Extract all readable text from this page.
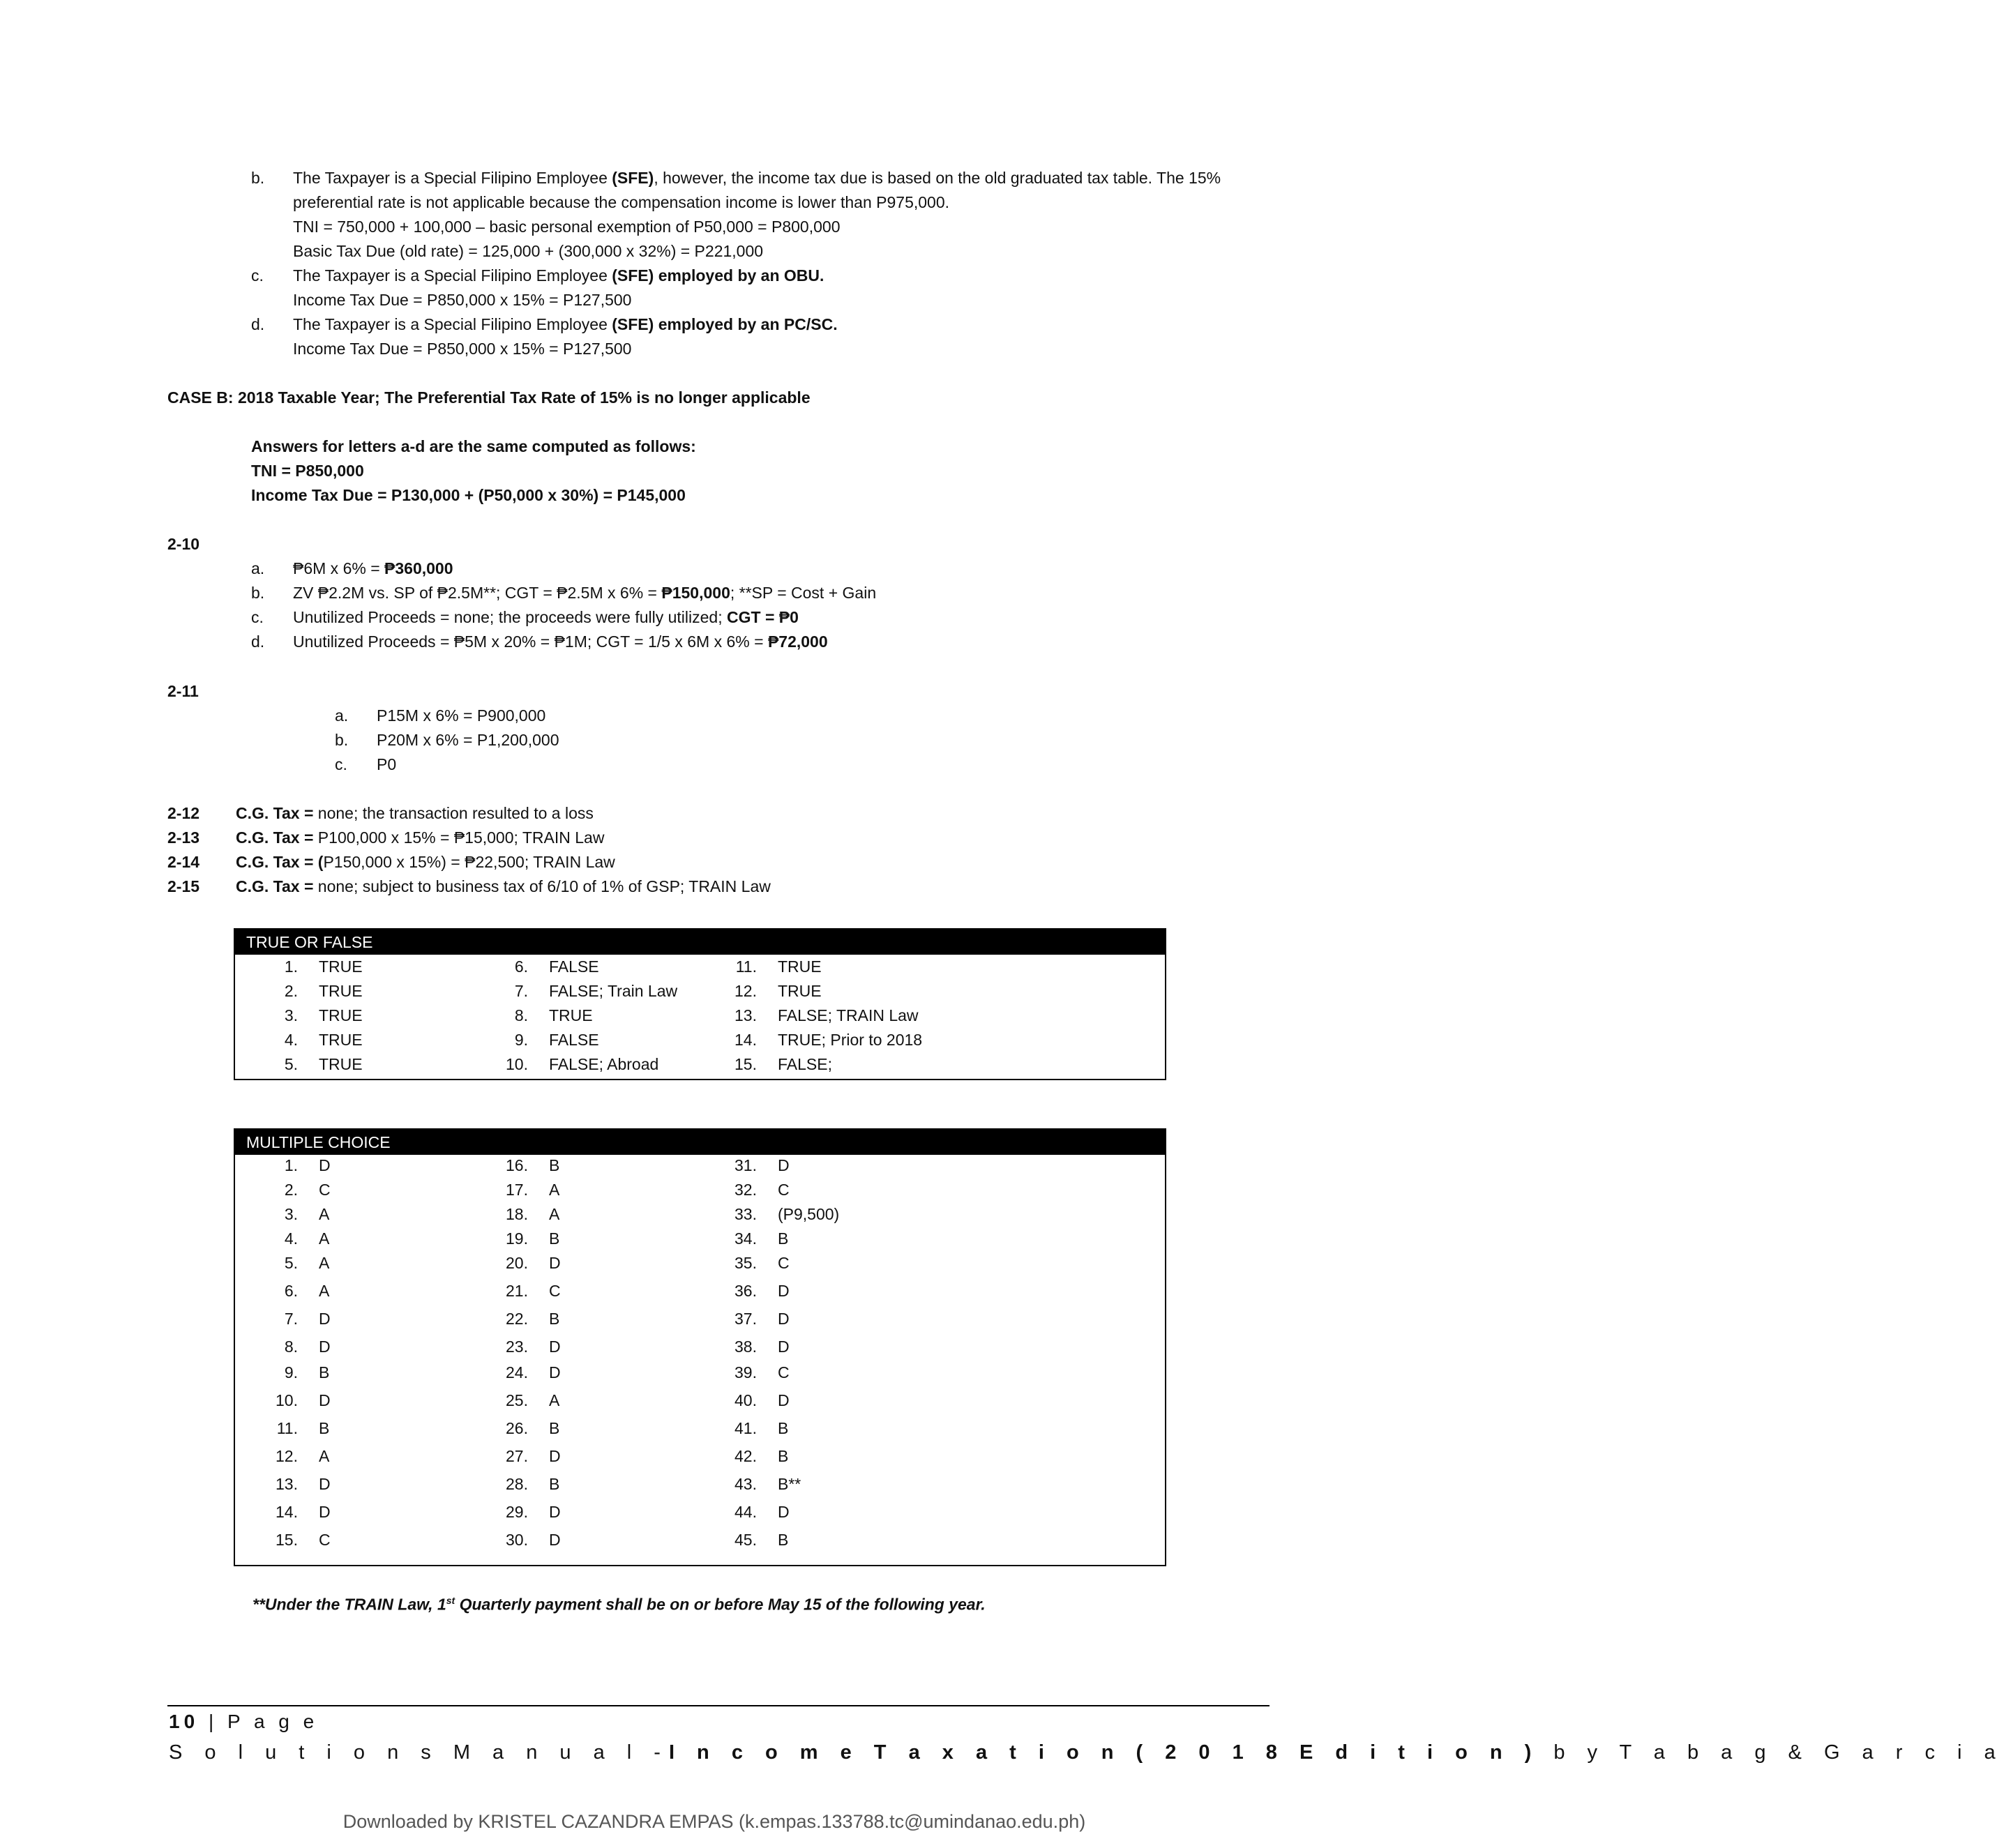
b. The Taxpayer is a Special Filipino Employee (SFE), however, the income tax due is based on the old graduated tax table. The 15%
preferential rate is not applicable because the compensation income is lower than P975,000.
TNI = 750,000 + 100,000 – basic personal exemption of P50,000 = P800,000
Basic Tax Due (old rate) = 125,000 + (300,000 x 32%) = P221,000
c. The Taxpayer is a Special Filipino Employee (SFE) employed by an OBU.
Income Tax Due = P850,000 x 15% = P127,500
d. The Taxpayer is a Special Filipino Employee (SFE) employed by an PC/SC.
Income Tax Due = P850,000 x 15% = P127,500
CASE B: 2018 Taxable Year; The Preferential Tax Rate of 15% is no longer applicable
Answers for letters a-d are the same computed as follows:
TNI = P850,000
Income Tax Due = P130,000 + (P50,000 x 30%) = P145,000
2-10
a. ₱6M x 6% = ₱360,000
b. ZV ₱2.2M vs. SP of ₱2.5M**; CGT = ₱2.5M x 6% = ₱150,000; **SP = Cost + Gain
c. Unutilized Proceeds = none; the proceeds were fully utilized; CGT = ₱0
d. Unutilized Proceeds = ₱5M x 20% = ₱1M; CGT = 1/5 x 6M x 6% = ₱72,000
2-11
a. P15M x 6% = P900,000
b. P20M x 6% = P1,200,000
c. P0
2-12 C.G. Tax = none; the transaction resulted to a loss
2-13 C.G. Tax = P100,000 x 15% = ₱15,000; TRAIN Law
2-14 C.G. Tax = (P150,000 x 15%) = ₱22,500; TRAIN Law
2-15 C.G. Tax = none; subject to business tax of 6/10 of 1% of GSP; TRAIN Law
TRUE OR FALSE
1. TRUE
2. TRUE
3. TRUE
4. TRUE
5. TRUE
6. FALSE
7. FALSE; Train Law
8. TRUE
9. FALSE
10. FALSE; Abroad
11. TRUE
12. TRUE
13. FALSE; TRAIN Law
14. TRUE; Prior to 2018
15. FALSE;
MULTIPLE CHOICE
1. D
2. C
3. A
4. A
5. A
6. A
7. D
8. D
9. B
10. D
11. B
12. A
13. D
14. D
15. C
16. B
17. A
18. A
19. B
20. D
21. C
22. B
23. D
24. D
25. A
26. B
27. D
28. B
29. D
30. D
31. D
32. C
33. (P9,500)
34. B
35. C
36. D
37. D
38. D
39. C
40. D
41. B
42. B
43. B**
44. D
45. B
**Under the TRAIN Law, 1st Quarterly payment shall be on or before May 15 of the following year.
10 | P a g e
S o l u t i o n s M a n u a l -I n c o m e T a x a t i o n ( 2 0 1 8 E d i t i o n ) b y T a b a g & G a r c i a
Downloaded by KRISTEL CAZANDRA EMPAS (k.empas.133788.tc@umindanao.edu.ph)
